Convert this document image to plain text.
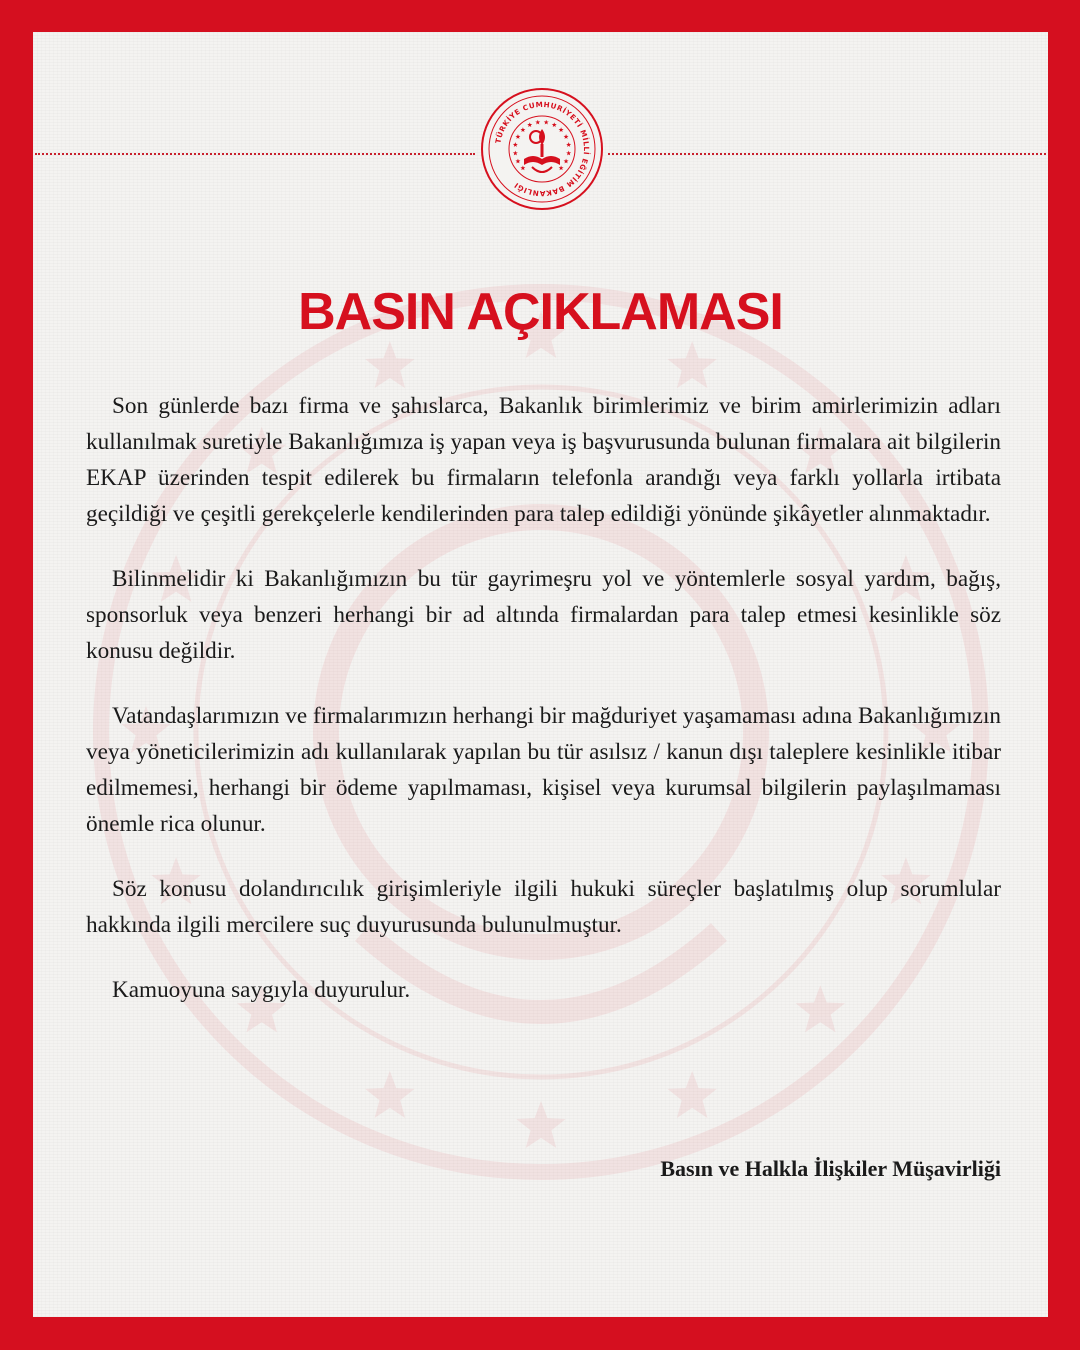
TÜRKİYE CUMHURİYETİ MİLLİ EĞİTİM BAKANLIĞI
BASIN AÇIKLAMASI

Son günlerde bazı firma ve şahıslarca, Bakanlık birimlerimiz ve birim amirlerimizin adları kullanılmak suretiyle Bakanlığımıza iş yapan veya iş başvurusunda bulunan firmalara ait bilgilerin EKAP üzerinden tespit edilerek bu firmaların telefonla arandığı veya farklı yollarla irtibata geçildiği ve çeşitli gerekçelerle kendilerinden para talep edildiği yönünde şikâyetler alınmaktadır.

Bilinmelidir ki Bakanlığımızın bu tür gayrimeşru yol ve yöntemlerle sosyal yardım, bağış, sponsorluk veya benzeri herhangi bir ad altında firmalardan para talep etmesi kesinlikle söz konusu değildir.

Vatandaşlarımızın ve firmalarımızın herhangi bir mağduriyet yaşamaması adına Bakanlığımızın veya yöneticilerimizin adı kullanılarak yapılan bu tür asılsız / kanun dışı taleplere kesinlikle itibar edilmemesi, herhangi bir ödeme yapılmaması, kişisel veya kurumsal bilgilerin paylaşılmaması önemle rica olunur.

Söz konusu dolandırıcılık girişimleriyle ilgili hukuki süreçler başlatılmış olup sorumlular hakkında ilgili mercilere suç duyurusunda bulunulmuştur.

Kamuoyuna saygıyla duyurulur.

Basın ve Halkla İlişkiler Müşavirliği
